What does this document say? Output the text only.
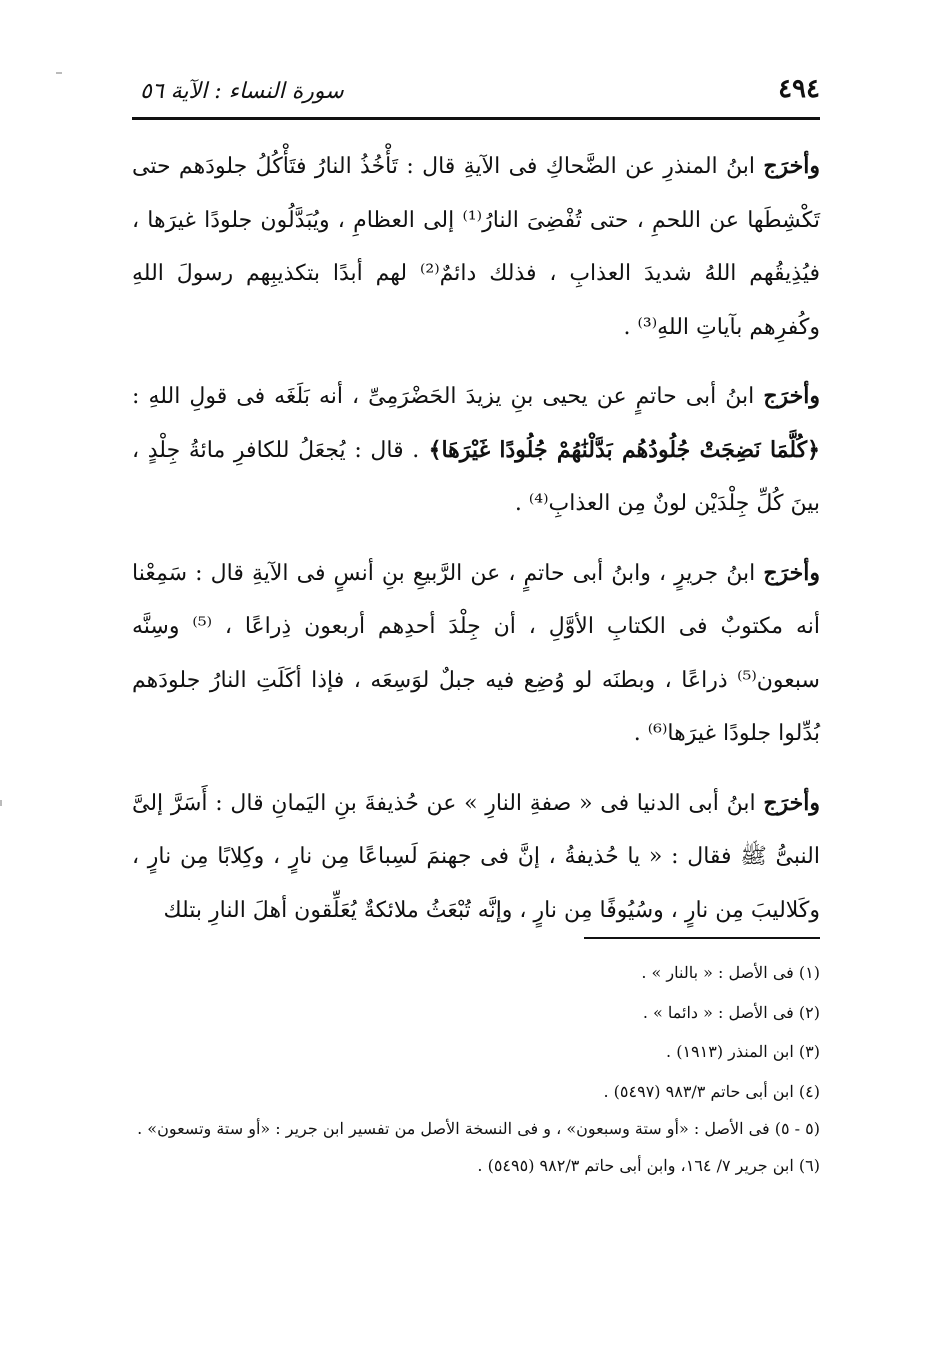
٤٩٤
سورة النساء : الآية ٥٦

وأخرَج ابنُ المنذرِ عن الضَّحاكِ فى الآيةِ قال : تَأْخُذُ النارُ فتَأْكُلُ جلودَهم حتى تَكْشِطَها عن اللحمِ ، حتى تُفْضِىَ النارُ⁽¹⁾ إلى العظامِ ، ويُبَدَّلُون جلودًا غيرَها ، فيُذِيقُهم اللهُ شديدَ العذابِ ، فذلك دائمٌ⁽²⁾ لهم أبدًا بتكذيبِهم رسولَ اللهِ وكُفرِهم بآياتِ اللهِ⁽³⁾ .

وأخرَج ابنُ أبى حاتمٍ عن يحيى بنِ يزيدَ الحَضْرَمِىِّ ، أنه بَلَغَه فى قولِ اللهِ : ﴿كُلَّمَا نَضِجَتْ جُلُودُهُم بَدَّلْنَٰهُمْ جُلُودًا غَيْرَهَا﴾ . قال : يُجعَلُ للكافرِ مائةُ جِلْدٍ ، بينَ كُلِّ جِلْدَيْن لونٌ مِن العذابِ⁽⁴⁾ .

وأخرَج ابنُ جريرٍ ، وابنُ أبى حاتمٍ ، عن الرَّبيعِ بنِ أنسٍ فى الآيةِ قال : سَمِعْنا أنه مكتوبٌ فى الكتابِ الأوَّلِ ، أن جِلْدَ أحدِهم أربعون ذِراعًا ، ⁽⁵⁾ وسِنَّه سبعون⁽⁵⁾ ذراعًا ، وبطنَه لو وُضِع فيه جبلٌ لوَسِعَه ، فإذا أكَلَتِ النارُ جلودَهم بُدِّلوا جلودًا غيرَها⁽⁶⁾ .

وأخرَج ابنُ أبى الدنيا فى « صفةِ النارِ » عن حُذيفةَ بنِ اليَمانِ قال : أَسَرَّ إلىَّ النبىُّ ﷺ فقال : « يا حُذيفةُ ، إنَّ فى جهنمَ لَسِباعًا مِن نارٍ ، وكِلابًا مِن نارٍ ، وكَلاليبَ مِن نارٍ ، وسُيُوفًا مِن نارٍ ، وإنَّه تُبْعَثُ ملائكةٌ يُعَلِّقون أهلَ النارِ بتلك

(١) فى الأصل : « بالنار » .

(٢) فى الأصل : « دائما » .

(٣) ابن المنذر (١٩١٣) .

(٤) ابن أبى حاتم ٩٨٣/٣ (٥٤٩٧) .

(٥ - ٥) فى الأصل : «أو ستة وسبعون» ، و فى النسخة الأصل من تفسير ابن جرير : «أو ستة وتسعون» .

(٦) ابن جرير ٧/ ١٦٤، وابن أبى حاتم ٩٨٢/٣ (٥٤٩٥) .
